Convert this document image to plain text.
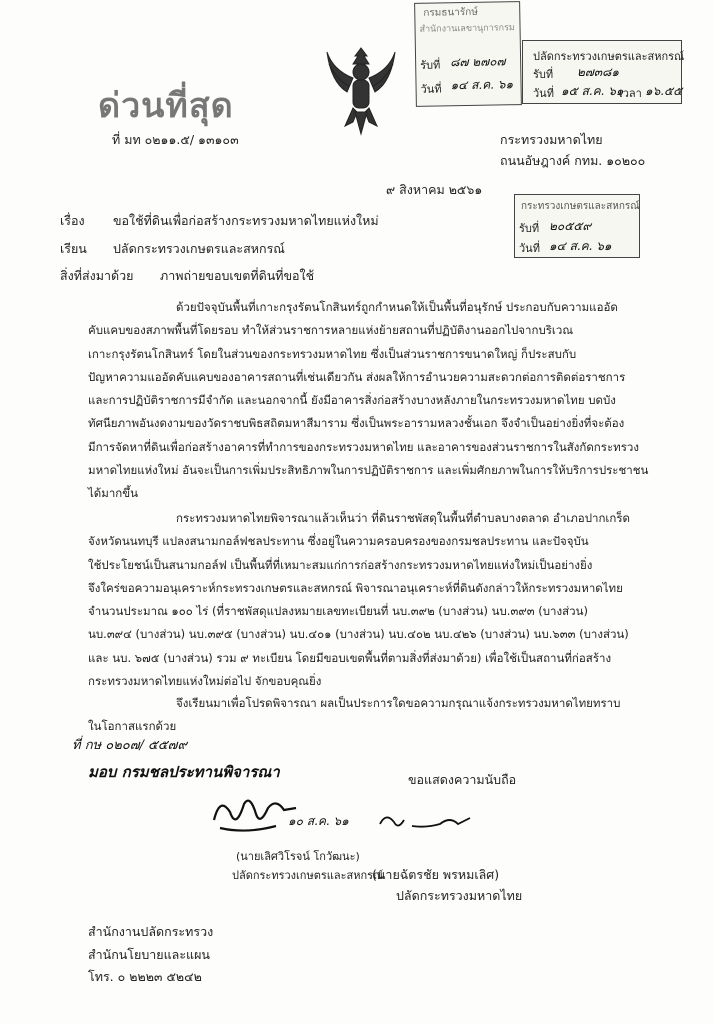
ด่วนที่สุด
ที่ มท ๐๒๑๑.๕/ ๑๓๑๐๓	กระทรวงมหาดไทย
ถนนอัษฎางค์ กทม. ๑๐๒๐๐
๙ สิงหาคม ๒๕๖๑
กรมธนารักษ์
สำนักงานเลขานุการกรม
รับที่ ๘๗ ๒๗๐๗
วันที่ ๑๔ ส.ค. ๖๑
ปลัดกระทรวงเกษตรและสหกรณ์
รับที่ ๒๗๓๘๑
วันที่ ๑๕ ส.ค. ๖๑
เวลา ๑๖.๕๕
กระทรวงเกษตรและสหกรณ์
รับที่ ๒๐๕๕๙
วันที่ ๑๔ ส.ค. ๖๑
เรื่อง ขอใช้ที่ดินเพื่อก่อสร้างกระทรวงมหาดไทยแห่งใหม่
เรียน ปลัดกระทรวงเกษตรและสหกรณ์
สิ่งที่ส่งมาด้วย ภาพถ่ายขอบเขตที่ดินที่ขอใช้
ด้วยปัจจุบันพื้นที่เกาะกรุงรัตนโกสินทร์ถูกกำหนดให้เป็นพื้นที่อนุรักษ์ ประกอบกับความแออัด
คับแคบของสภาพพื้นที่โดยรอบ ทำให้ส่วนราชการหลายแห่งย้ายสถานที่ปฏิบัติงานออกไปจากบริเวณ
เกาะกรุงรัตนโกสินทร์ โดยในส่วนของกระทรวงมหาดไทย ซึ่งเป็นส่วนราชการขนาดใหญ่ ก็ประสบกับ
ปัญหาความแออัดคับแคบของอาคารสถานที่เช่นเดียวกัน ส่งผลให้การอำนวยความสะดวกต่อการติดต่อราชการ
และการปฏิบัติราชการมีจำกัด และนอกจากนี้ ยังมีอาคารสิ่งก่อสร้างบางหลังภายในกระทรวงมหาดไทย บดบัง
ทัศนียภาพอันงดงามของวัดราชบพิธสถิตมหาสีมาราม ซึ่งเป็นพระอารามหลวงชั้นเอก จึงจำเป็นอย่างยิ่งที่จะต้อง
มีการจัดหาที่ดินเพื่อก่อสร้างอาคารที่ทำการของกระทรวงมหาดไทย และอาคารของส่วนราชการในสังกัดกระทรวง
มหาดไทยแห่งใหม่ อันจะเป็นการเพิ่มประสิทธิภาพในการปฏิบัติราชการ และเพิ่มศักยภาพในการให้บริการประชาชน
ได้มากขึ้น
กระทรวงมหาดไทยพิจารณาแล้วเห็นว่า ที่ดินราชพัสดุในพื้นที่ตำบลบางตลาด อำเภอปากเกร็ด
จังหวัดนนทบุรี แปลงสนามกอล์ฟชลประทาน ซึ่งอยู่ในความครอบครองของกรมชลประทาน และปัจจุบัน
ใช้ประโยชน์เป็นสนามกอล์ฟ เป็นพื้นที่ที่เหมาะสมแก่การก่อสร้างกระทรวงมหาดไทยแห่งใหม่เป็นอย่างยิ่ง
จึงใคร่ขอความอนุเคราะห์กระทรวงเกษตรและสหกรณ์ พิจารณาอนุเคราะห์ที่ดินดังกล่าวให้กระทรวงมหาดไทย
จำนวนประมาณ ๑๐๐ ไร่ (ที่ราชพัสดุแปลงหมายเลขทะเบียนที่ นบ.๓๙๒ (บางส่วน) นบ.๓๙๓ (บางส่วน)
นบ.๓๙๔ (บางส่วน) นบ.๓๙๕ (บางส่วน) นบ.๔๐๑ (บางส่วน) นบ.๔๐๒ นบ.๔๒๖ (บางส่วน) นบ.๖๓๓ (บางส่วน)
และ นบ. ๖๗๕ (บางส่วน) รวม ๙ ทะเบียน โดยมีขอบเขตพื้นที่ตามสิ่งที่ส่งมาด้วย) เพื่อใช้เป็นสถานที่ก่อสร้าง
กระทรวงมหาดไทยแห่งใหม่ต่อไป จักขอบคุณยิ่ง
จึงเรียนมาเพื่อโปรดพิจารณา ผลเป็นประการใดขอความกรุณาแจ้งกระทรวงมหาดไทยทราบ
ในโอกาสแรกด้วย
ที่ กษ ๐๒๐๗/ ๕๕๗๙
มอบ กรมชลประทานพิจารณา	ขอแสดงความนับถือ
๑๐ ส.ค. ๖๑
(นายเลิศวิโรจน์ โกวัฒนะ)
ปลัดกระทรวงเกษตรและสหกรณ์
(นายฉัตรชัย พรหมเลิศ)
ปลัดกระทรวงมหาดไทย
สำนักงานปลัดกระทรวง
สำนักนโยบายและแผน
โทร. ๐ ๒๒๒๓ ๕๒๔๒
